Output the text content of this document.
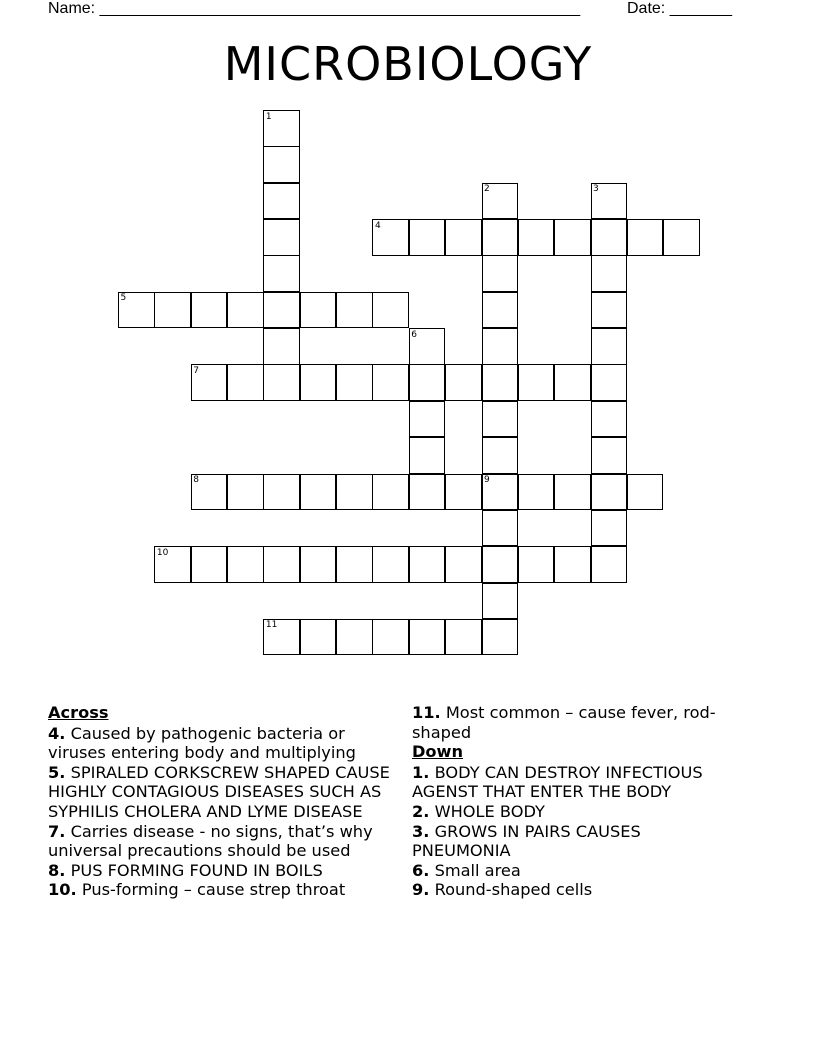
Name: ______________________________________________________	Date: _______
MICROBIOLOGY
1
2	3
4
5
6
7
8	9
10
11
Across
4. Caused by pathogenic bacteria or viruses entering body and multiplying
5. SPIRALED CORKSCREW SHAPED CAUSE HIGHLY CONTAGIOUS DISEASES SUCH AS SYPHILIS CHOLERA AND LYME DISEASE
7. Carries disease - no signs, that’s why universal precautions should be used
8. PUS FORMING FOUND IN BOILS
10. Pus-forming – cause strep throat
11. Most common – cause fever, rod-shaped
Down
1. BODY CAN DESTROY INFECTIOUS AGENST THAT ENTER THE BODY
2. WHOLE BODY
3. GROWS IN PAIRS CAUSES PNEUMONIA
6. Small area
9. Round-shaped cells
